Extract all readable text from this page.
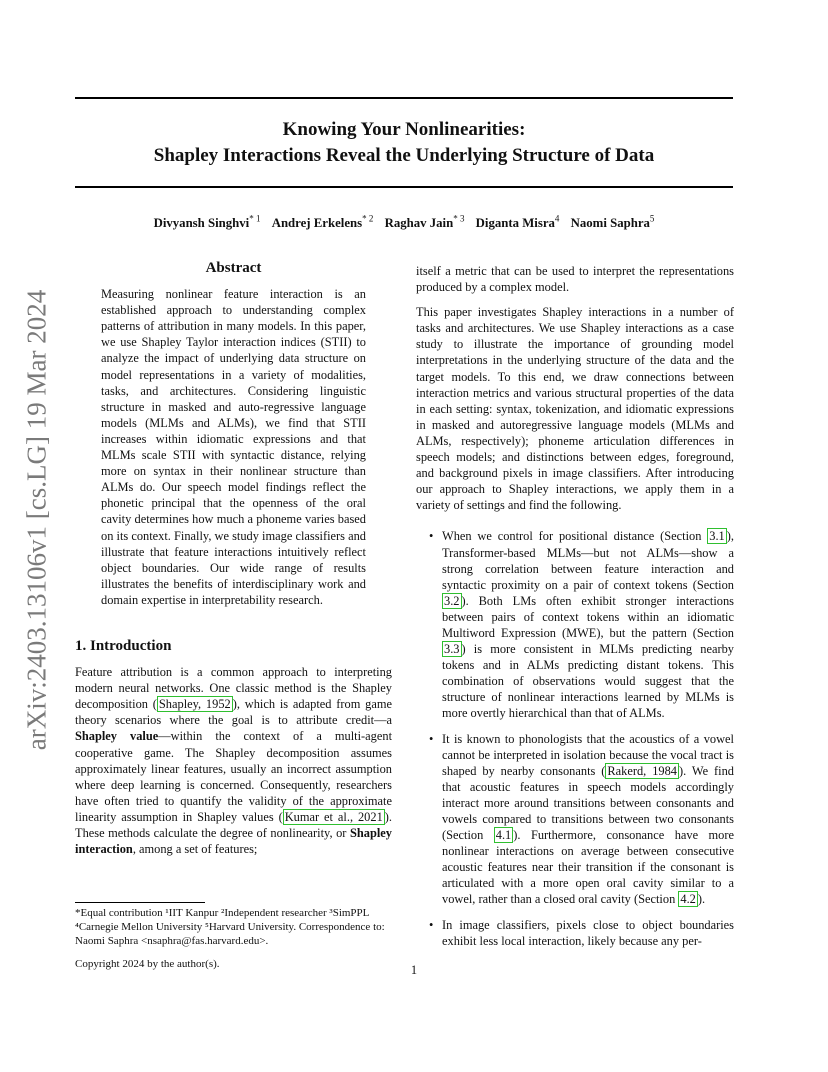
Knowing Your Nonlinearities:
Shapley Interactions Reveal the Underlying Structure of Data
Divyansh Singhvi$^{* 1}$ Andrej Erkelens$^{* 2}$ Raghav Jain$^{* 3}$ Diganta Misra$^4$ Naomi Saphra$^5$
arXiv:2403.13106v1 [cs.LG] 19 Mar 2024
Abstract
Measuring nonlinear feature interaction is an established approach to understanding complex patterns of attribution in many models. In this paper, we use Shapley Taylor interaction indices (STII) to analyze the impact of underlying data structure on model representations in a variety of modalities, tasks, and architectures. Considering linguistic structure in masked and auto-regressive language models (MLMs and ALMs), we find that STII increases within idiomatic expressions and that MLMs scale STII with syntactic distance, relying more on syntax in their nonlinear structure than ALMs do. Our speech model findings reflect the phonetic principal that the openness of the oral cavity determines how much a phoneme varies based on its context. Finally, we study image classifiers and illustrate that feature interactions intuitively reflect object boundaries. Our wide range of results illustrates the benefits of interdisciplinary work and domain expertise in interpretability research.
1. Introduction

Feature attribution is a common approach to interpreting modern neural networks. One classic method is the Shapley decomposition ( Shapley, 1952 ), which is adapted from game theory scenarios where the goal is to attribute credit—a Shapley value—within the context of a multi-agent cooperative game. The Shapley decomposition assumes approximately linear features, usually an incorrect assumption where deep learning is concerned. Consequently, researchers have often tried to quantify the validity of the approximate linearity assumption in Shapley values ( Kumar et al., 2021 ). These methods calculate the degree of nonlinearity, or Shapley interaction, among a set of features;

*Equal contribution ¹IIT Kanpur ²Independent researcher ³SimPPL ⁴Carnegie Mellon University ⁵Harvard University. Correspondence to: Naomi Saphra <nsaphra@fas.harvard.edu>.
Copyright 2024 by the author(s).

itself a metric that can be used to interpret the representations produced by a complex model.

This paper investigates Shapley interactions in a number of tasks and architectures. We use Shapley interactions as a case study to illustrate the importance of grounding model interpretations in the underlying structure of the data and the target models. To this end, we draw connections between interaction metrics and various structural properties of the data in each setting: syntax, tokenization, and idiomatic expressions in masked and autoregressive language models (MLMs and ALMs, respectively); phoneme articulation differences in speech models; and distinctions between edges, foreground, and background pixels in image classifiers. After introducing our approach to Shapley interactions, we apply them in a variety of settings and find the following.

• When we control for positional distance (Section 3.1 ), Transformer-based MLMs—but not ALMs—show a strong correlation between feature interaction and syntactic proximity on a pair of context tokens (Section 3.2 ). Both LMs often exhibit stronger interactions between pairs of context tokens within an idiomatic Multiword Expression (MWE), but the pattern (Section 3.3 ) is more consistent in MLMs predicting nearby tokens and in ALMs predicting distant tokens. This combination of observations would suggest that the structure of nonlinear interactions learned by MLMs is more overtly hierarchical than that of ALMs.
• It is known to phonologists that the acoustics of a vowel cannot be interpreted in isolation because the vocal tract is shaped by nearby consonants ( Rakerd, 1984 ). We find that acoustic features in speech models accordingly interact more around transitions between consonants and vowels compared to transitions between two consonants (Section 4.1 ). Furthermore, consonance have more nonlinear interactions on average between consecutive acoustic features near their transition if the consonant is articulated with a more open oral cavity similar to a vowel, rather than a closed oral cavity (Section 4.2 ).
• In image classifiers, pixels close to object boundaries exhibit less local interaction, likely because any per-
1
